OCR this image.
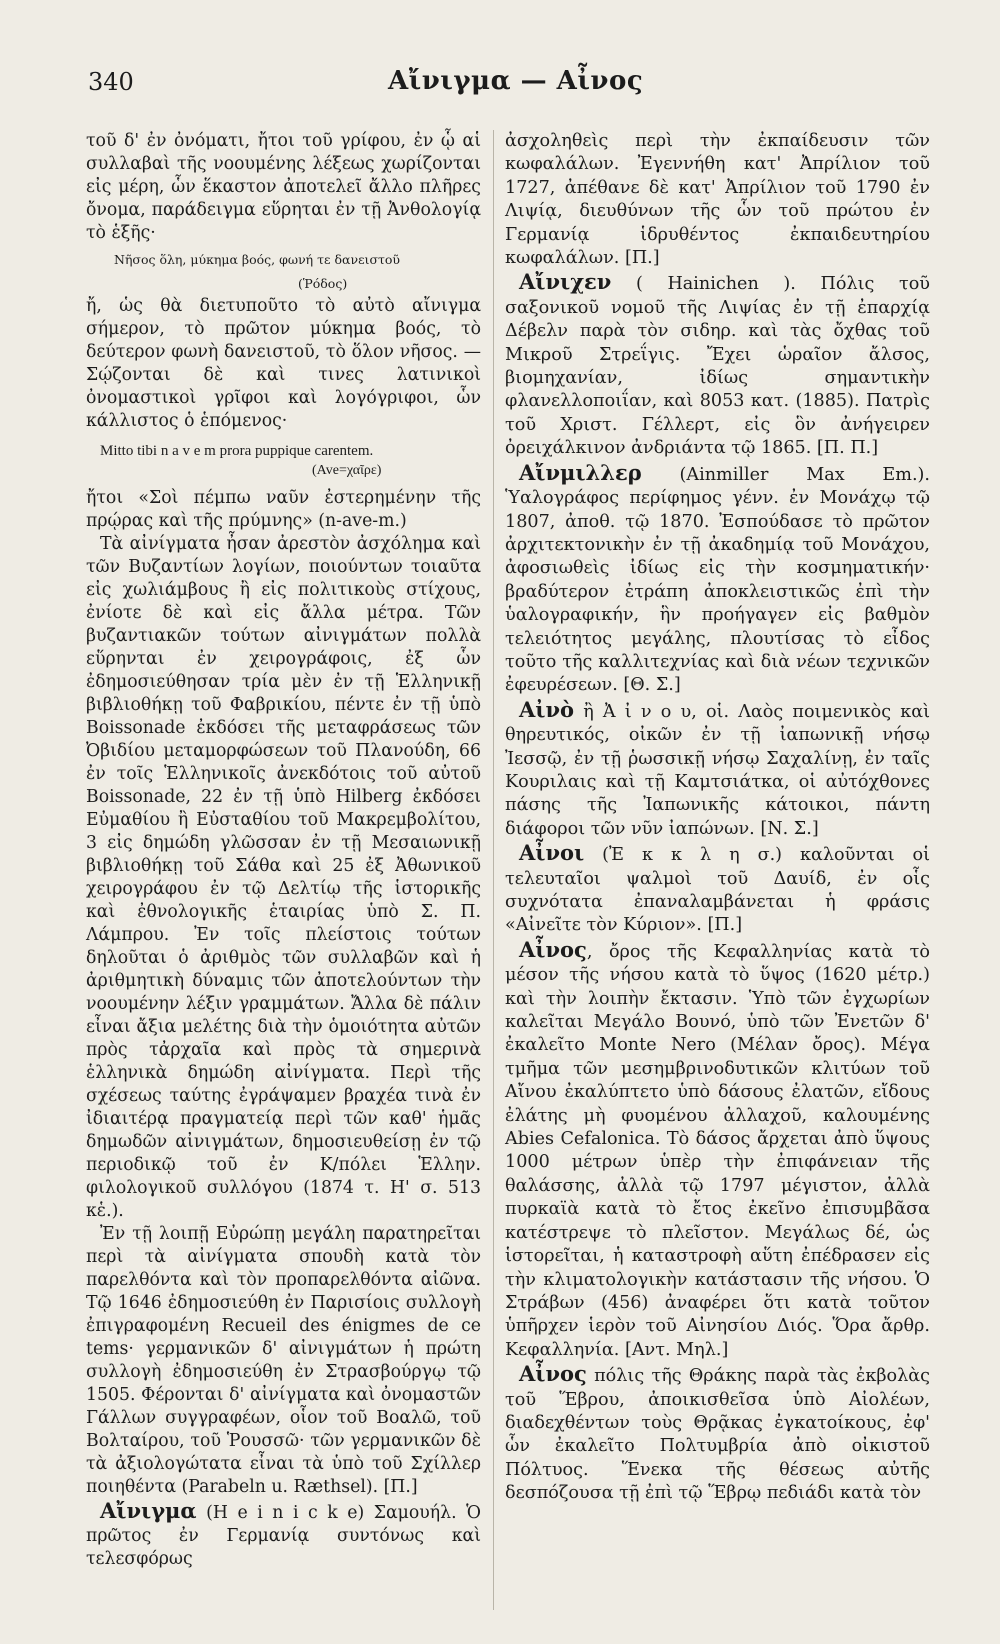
340	Αἴνιγμα — Αἶνος

τοῦ δ' ἐν ὀνόματι, ἤτοι τοῦ γρίφου, ἐν ᾧ αἱ συλλαβαὶ τῆς νοουμένης λέξεως χωρίζονται εἰς μέρη, ὧν ἕκαστον ἀποτελεῖ ἄλλο πλῆρες ὄνομα, παράδειγμα εὕρηται ἐν τῇ Ἀνθολογίᾳ τὸ ἑξῆς·

Νῆσος ὅλη, μύκημα βοός, φωνή τε δανειστοῦ
(Ῥόδος)

ἤ, ὡς θὰ διετυποῦτο τὸ αὐτὸ αἴνιγμα σήμερον, τὸ πρῶτον μύκημα βοός, τὸ δεύτερον φωνὴ δανειστοῦ, τὸ ὅλον νῆσος. — Σῴζονται δὲ καὶ τινες λατινικοὶ ὀνομαστικοὶ γρῖφοι καὶ λογόγριφοι, ὧν κάλλιστος ὁ ἑπόμενος·

Mitto tibi n a v e m prora puppique carentem.
(Ave=χαῖρε)

ἤτοι «Σοὶ πέμπω ναῦν ἐστερημένην τῆς πρῴρας καὶ τῆς πρύμνης» (n-ave-m.)

Τὰ αἰνίγματα ἦσαν ἀρεστὸν ἀσχόλημα καὶ τῶν Βυζαντίων λογίων, ποιούντων τοιαῦτα εἰς χωλιάμβους ἢ εἰς πολιτικοὺς στίχους, ἐνίοτε δὲ καὶ εἰς ἄλλα μέτρα. Τῶν βυζαντιακῶν τούτων αἰνιγμάτων πολλὰ εὕρηνται ἐν χειρογράφοις, ἐξ ὧν ἐδημοσιεύθησαν τρία μὲν ἐν τῇ Ἑλληνικῇ βιβλιοθήκῃ τοῦ Φαβρικίου, πέντε ἐν τῇ ὑπὸ Boissonade ἐκδόσει τῆς μεταφράσεως τῶν Ὀβιδίου μεταμορφώσεων τοῦ Πλανούδη, 66 ἐν τοῖς Ἑλληνικοῖς ἀνεκδότοις τοῦ αὐτοῦ Boissonade, 22 ἐν τῇ ὑπὸ Hilberg ἐκδόσει Εὐμαθίου ἢ Εὐσταθίου τοῦ Μακρεμβολίτου, 3 εἰς δημώδη γλῶσσαν ἐν τῇ Μεσαιωνικῇ βιβλιοθήκῃ τοῦ Σάθα καὶ 25 ἐξ Ἀθωνικοῦ χειρογράφου ἐν τῷ Δελτίῳ τῆς ἱστορικῆς καὶ ἐθνολογικῆς ἑταιρίας ὑπὸ Σ. Π. Λάμπρου. Ἐν τοῖς πλείστοις τούτων δηλοῦται ὁ ἀριθμὸς τῶν συλλαβῶν καὶ ἡ ἀριθμητικὴ δύναμις τῶν ἀποτελούντων τὴν νοουμένην λέξιν γραμμάτων. Ἄλλα δὲ πάλιν εἶναι ἄξια μελέτης διὰ τὴν ὁμοιότητα αὐτῶν πρὸς τἀρχαῖα καὶ πρὸς τὰ σημερινὰ ἑλληνικὰ δημώδη αἰνίγματα. Περὶ τῆς σχέσεως ταύτης ἐγράψαμεν βραχέα τινὰ ἐν ἰδιαιτέρᾳ πραγματείᾳ περὶ τῶν καθ' ἡμᾶς δημωδῶν αἰνιγμάτων, δημοσιευθείσῃ ἐν τῷ περιοδικῷ τοῦ ἐν Κ/πόλει Ἑλλην. φιλολογικοῦ συλλόγου (1874 τ. Η' σ. 513 κἑ.).

Ἐν τῇ λοιπῇ Εὐρώπῃ μεγάλη παρατηρεῖται περὶ τὰ αἰνίγματα σπουδὴ κατὰ τὸν παρελθόντα καὶ τὸν προπαρελθόντα αἰῶνα. Τῷ 1646 ἐδημοσιεύθη ἐν Παρισίοις συλλογὴ ἐπιγραφομένη Recueil des énigmes de ce tems· γερμανικῶν δ' αἰνιγμάτων ἡ πρώτη συλλογὴ ἐδημοσιεύθη ἐν Στρασβούργῳ τῷ 1505. Φέρονται δ' αἰνίγματα καὶ ὀνομαστῶν Γάλλων συγγραφέων, οἷον τοῦ Βοαλῶ, τοῦ Βολταίρου, τοῦ Ῥουσσῶ· τῶν γερμανικῶν δὲ τὰ ἀξιολογώτατα εἶναι τὰ ὑπὸ τοῦ Σχίλλερ ποιηθέντα (Parabeln u. Ræthsel). [Π.]

Αἴνιγμα (H e i n i c k e) Σαμουήλ. Ὁ πρῶτος ἐν Γερμανίᾳ συντόνως καὶ τελεσφόρως

ἀσχοληθεὶς περὶ τὴν ἐκπαίδευσιν τῶν κωφαλάλων. Ἐγεννήθη κατ' Ἀπρίλιον τοῦ 1727, ἀπέθανε δὲ κατ' Ἀπρίλιον τοῦ 1790 ἐν Λιψίᾳ, διευθύνων τῆς ὧν τοῦ πρώτου ἐν Γερμανίᾳ ἱδρυθέντος ἐκπαιδευτηρίου κωφαλάλων. [Π.]

Αἴνιχεν ( Hainichen ). Πόλις τοῦ σαξονικοῦ νομοῦ τῆς Λιψίας ἐν τῇ ἐπαρχίᾳ Δέβελν παρὰ τὸν σιδηρ. καὶ τὰς ὄχθας τοῦ Μικροῦ Στρεΐγις. Ἔχει ὡραῖον ἄλσος, βιομηχανίαν, ἰδίως σημαντικὴν φλανελλοποιΐαν, καὶ 8053 κατ. (1885). Πατρὶς τοῦ Χριστ. Γέλλερτ, εἰς ὃν ἀνήγειρεν ὀρειχάλκινον ἀνδριάντα τῷ 1865. [Π. Π.]

Αἴνμιλλερ (Ainmiller Max Em.). Ὑαλογράφος περίφημος γένν. ἐν Μονάχῳ τῷ 1807, ἀποθ. τῷ 1870. Ἐσπούδασε τὸ πρῶτον ἀρχιτεκτονικὴν ἐν τῇ ἀκαδημίᾳ τοῦ Μονάχου, ἀφοσιωθεὶς ἰδίως εἰς τὴν κοσμηματικήν· βραδύτερον ἐτράπη ἀποκλειστικῶς ἐπὶ τὴν ὑαλογραφικήν, ἣν προήγαγεν εἰς βαθμὸν τελειότητος μεγάλης, πλουτίσας τὸ εἶδος τοῦτο τῆς καλλιτεχνίας καὶ διὰ νέων τεχνικῶν ἐφευρέσεων. [Θ. Σ.]

Αἰνὸ ἢ Ἀ ἰ ν ο υ, οἱ. Λαὸς ποιμενικὸς καὶ θηρευτικός, οἰκῶν ἐν τῇ ἰαπωνικῇ νήσῳ Ἰεσσῷ, ἐν τῇ ῥωσσικῇ νήσῳ Σαχαλίνῃ, ἐν ταῖς Κουριλαις καὶ τῇ Καμτσιάτκα, οἱ αὐτόχθονες πάσης τῆς Ἰαπωνικῆς κάτοικοι, πάντη διάφοροι τῶν νῦν ἰαπώνων. [Ν. Σ.]

Αἶνοι (Ἐ κ κ λ η σ.) καλοῦνται οἱ τελευταῖοι ψαλμοὶ τοῦ Δαυίδ, ἐν οἷς συχνότατα ἐπαναλαμβάνεται ἡ φράσις «Αἰνεῖτε τὸν Κύριον». [Π.]

Αἶνος, ὄρος τῆς Κεφαλληνίας κατὰ τὸ μέσον τῆς νήσου κατὰ τὸ ὕψος (1620 μέτρ.) καὶ τὴν λοιπὴν ἔκτασιν. Ὑπὸ τῶν ἐγχωρίων καλεῖται Μεγάλο Βουνό, ὑπὸ τῶν Ἐνετῶν δ' ἐκαλεῖτο Monte Nero (Μέλαν ὄρος). Μέγα τμῆμα τῶν μεσημβρινοδυτικῶν κλιτύων τοῦ Αἴνου ἐκαλύπτετο ὑπὸ δάσους ἐλατῶν, εἴδους ἐλάτης μὴ φυομένου ἀλλαχοῦ, καλουμένης Abies Cefalonica. Τὸ δάσος ἄρχεται ἀπὸ ὕψους 1000 μέτρων ὑπὲρ τὴν ἐπιφάνειαν τῆς θαλάσσης, ἀλλὰ τῷ 1797 μέγιστον, ἀλλὰ πυρκαϊὰ κατὰ τὸ ἔτος ἐκεῖνο ἐπισυμβᾶσα κατέστρεψε τὸ πλεῖστον. Μεγάλως δέ, ὡς ἱστορεῖται, ἡ καταστροφὴ αὕτη ἐπέδρασεν εἰς τὴν κλιματολογικὴν κατάστασιν τῆς νήσου. Ὁ Στράβων (456) ἀναφέρει ὅτι κατὰ τοῦτον ὑπῆρχεν ἱερὸν τοῦ Αἰνησίου Διός. Ὅρα ἄρθρ. Κεφαλληνία. [Αντ. Μηλ.]

Αἶνος πόλις τῆς Θράκης παρὰ τὰς ἐκβολὰς τοῦ Ἕβρου, ἀποικισθεῖσα ὑπὸ Αἰολέων, διαδεχθέντων τοὺς Θρᾷκας ἐγκατοίκους, ἐφ' ὧν ἐκαλεῖτο Πολτυμβρία ἀπὸ οἰκιστοῦ Πόλτυος. Ἕνεκα τῆς θέσεως αὐτῆς δεσπόζουσα τῇ ἐπὶ τῷ Ἕβρῳ πεδιάδι κατὰ τὸν
